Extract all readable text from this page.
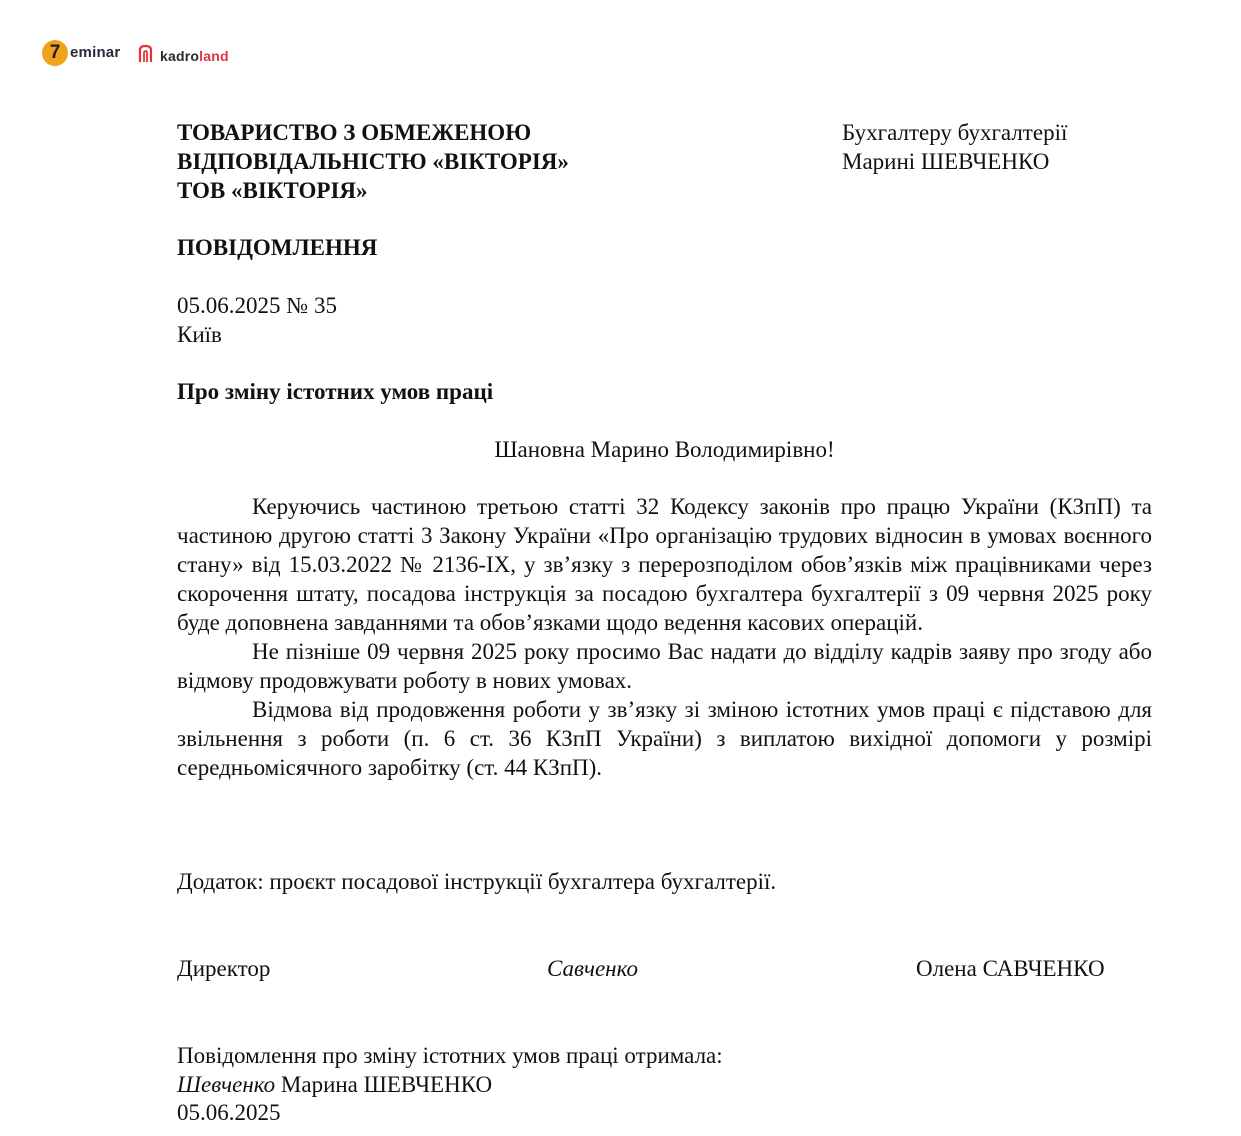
7 eminar	kadroland
ТОВАРИСТВО З ОБМЕЖЕНОЮ
ВІДПОВІДАЛЬНІСТЮ «ВІКТОРІЯ»
ТОВ «ВІКТОРІЯ»
Бухгалтеру бухгалтерії
Марині ШЕВЧЕНКО
ПОВІДОМЛЕННЯ
05.06.2025 № 35
Київ
Про зміну істотних умов праці
Шановна Марино Володимирівно!

Керуючись частиною третьою статті 32 Кодексу законів про працю України (КЗпП) та частиною другою статті 3 Закону України «Про організацію трудових відносин в умовах воєнного стану» від 15.03.2022 № 2136-IX, у зв’язку з перерозподілом обов’язків між працівниками через скорочення штату, посадова інструкція за посадою бухгалтера бухгалтерії з 09 червня 2025 року буде доповнена завданнями та обов’язками щодо ведення касових операцій.

Не пізніше 09 червня 2025 року просимо Вас надати до відділу кадрів заяву про згоду або відмову продовжувати роботу в нових умовах.

Відмова від продовження роботи у зв’язку зі зміною істотних умов праці є підставою для звільнення з роботи (п. 6 ст. 36 КЗпП України) з виплатою вихідної допомоги у розмірі середньомісячного заробітку (ст. 44 КЗпП).

Додаток: проєкт посадової інструкції бухгалтера бухгалтерії.
Директор	Савченко	Олена САВЧЕНКО
Повідомлення про зміну істотних умов праці отримала:
Шевченко Марина ШЕВЧЕНКО
05.06.2025
